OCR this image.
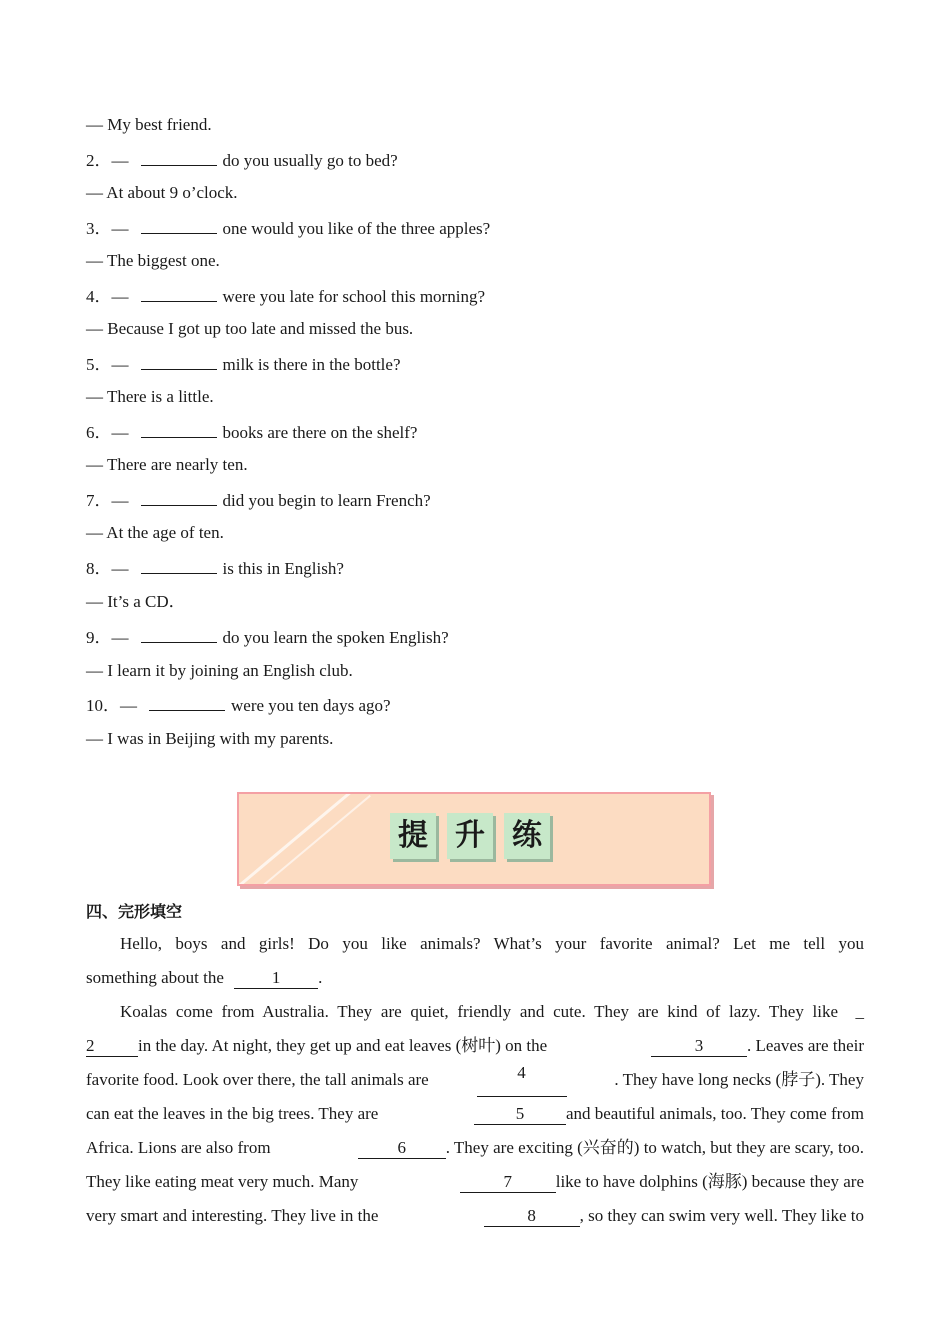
— My best friend.
2．—	do you usually go to bed?
— At about 9 o’clock.
3．—	one would you like of the three apples?
— The biggest one.
4．—	were you late for school this morning?
— Because I got up too late and missed the bus.
5．—	milk is there in the bottle?
— There is a little.
6．—	books are there on the shelf?
— There are nearly ten.
7．—	did you begin to learn French?
— At the age of ten.
8．—	is this in English?
— It’s a CD．
9．—	do you learn the spoken English?
— I learn it by joining an English club.
10．—	were you ten days ago?
— I was in Beijing with my parents.
提 升 练
四、完形填空

Hello, boys and girls! Do you like animals? What’s your favorite animal? Let me tell you

something about the	1 .

Koalas come from Australia. They are quiet, friendly and cute. They are kind of lazy. They like  _

2	in the day. At night, they get up and eat leaves (树叶) on the	3	. Leaves are their
favorite food. Look over there, the tall animals are	4	. They have long necks (脖子). They
can eat the leaves in the big trees. They are	5 and beautiful animals, too. They come from
Africa. Lions are also from	6 . They are exciting (兴奋的) to watch, but they are scary, too.
They like eating meat very much. Many	7	like to have dolphins (海豚) because they are
very smart and interesting. They live in the	8	, so they can swim very well. They like to
